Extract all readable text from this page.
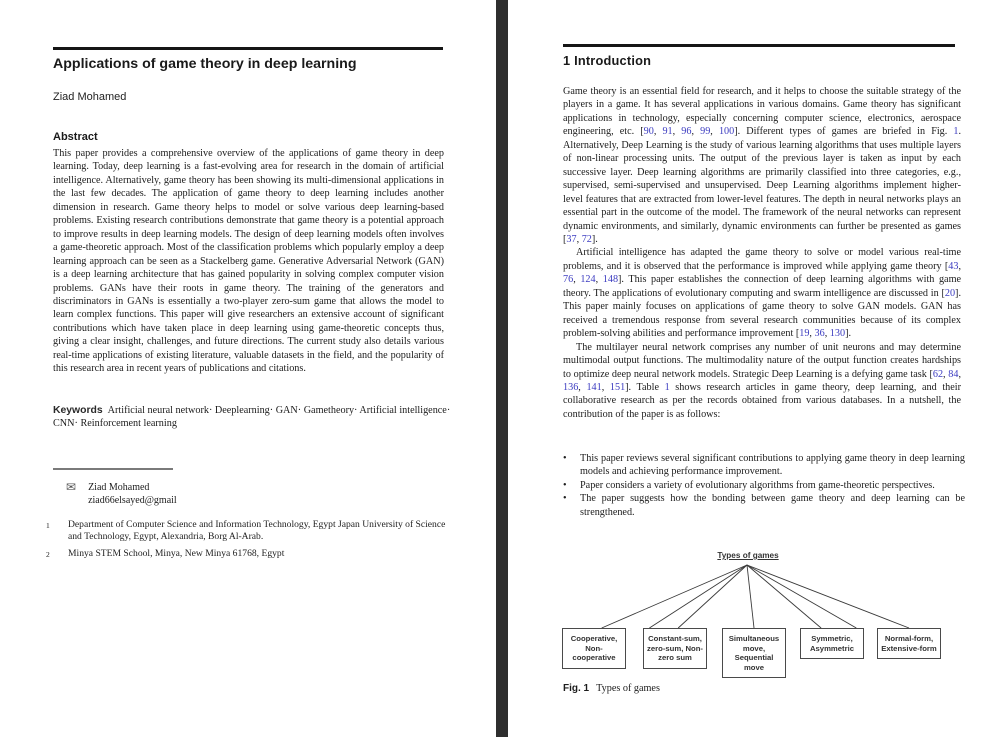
Applications of game theory in deep learning
Ziad Mohamed
Abstract

This paper provides a comprehensive overview of the applications of game theory in deep learning. Today, deep learning is a fast-evolving area for research in the domain of artificial intelligence. Alternatively, game theory has been showing its multi-dimensional applications in the last few decades. The application of game theory to deep learning includes another dimension in research. Game theory helps to model or solve various deep learning-based problems. Existing research contributions demonstrate that game theory is a potential approach to improve results in deep learning models. The design of deep learning models often involves a game-theoretic approach. Most of the classification problems which popularly employ a deep learning approach can be seen as a Stackelberg game. Generative Adversarial Network (GAN) is a deep learning architecture that has gained popularity in solving complex computer vision problems. GANs have their roots in game theory. The training of the generators and discriminators in GANs is essentially a two-player zero-sum game that allows the model to learn complex functions. This paper will give researchers an extensive account of significant contributions which have taken place in deep learning using game-theoretic concepts thus, giving a clear insight, challenges, and future directions. The current study also details various real-time applications of existing literature, valuable datasets in the field, and the popularity of this research area in recent years of publications and citations.

Keywords Artificial neural network· Deeplearning· GAN· Gametheory· Artificial intelligence· CNN· Reinforcement learning

✉ Ziad Mohamed
ziad66elsayed@gmail
1	Department of Computer Science and Information Technology, Egypt Japan University of Science and Technology, Egypt, Alexandria, Borg Al-Arab.
2	Minya STEM School, Minya, New Minya 61768, Egypt
1 Introduction

Game theory is an essential field for research, and it helps to choose the suitable strategy of the players in a game. It has several applications in various domains. Game theory has significant applications in technology, especially concerning computer science, electronics, aerospace engineering, etc. [90, 91, 96, 99, 100]. Different types of games are briefed in Fig. 1. Alternatively, Deep Learning is the study of various learning algorithms that uses multiple layers of non-linear processing units. The output of the previous layer is taken as input by each successive layer. Deep learning algorithms are primarily classified into three categories, e.g., supervised, semi-supervised and unsupervised. Deep Learning algorithms implement higher-level features that are extracted from lower-level features. The depth in neural networks plays an essential part in the outcome of the model. The framework of the neural networks can represent dynamic environments, and similarly, dynamic environments can further be presented as games [37, 72].

Artificial intelligence has adapted the game theory to solve or model various real-time problems, and it is observed that the performance is improved while applying game theory [43, 76, 124, 148]. This paper establishes the connection of deep learning algorithms with game theory. The applications of evolutionary computing and swarm intelligence are discussed in [20]. This paper mainly focuses on applications of game theory to solve GAN models. GAN has received a tremendous response from several research communities because of its complex problem-solving abilities and performance improvement [19, 36, 130].

The multilayer neural network comprises any number of unit neurons and may determine multimodal output functions. The multimodality nature of the output function creates hardships to optimize deep neural network models. Strategic Deep Learning is a defying game task [62, 84, 136, 141, 151]. Table 1 shows research articles in game theory, deep learning, and their collaborative research as per the records obtained from various databases. In a nutshell, the contribution of the paper is as follows:

•	This paper reviews several significant contributions to applying game theory in deep learning models and achieving performance improvement.
•	Paper considers a variety of evolutionary algorithms from game-theoretic perspectives.
•	The paper suggests how the bonding between game theory and deep learning can be strengthened.
Types of games
Cooperative,
Non-
cooperative
Constant-sum,
zero-sum, Non-
zero sum
Simultaneous
move,
Sequential
move
Symmetric,
Asymmetric
Normal-form,
Extensive-form
Fig. 1 Types of games
